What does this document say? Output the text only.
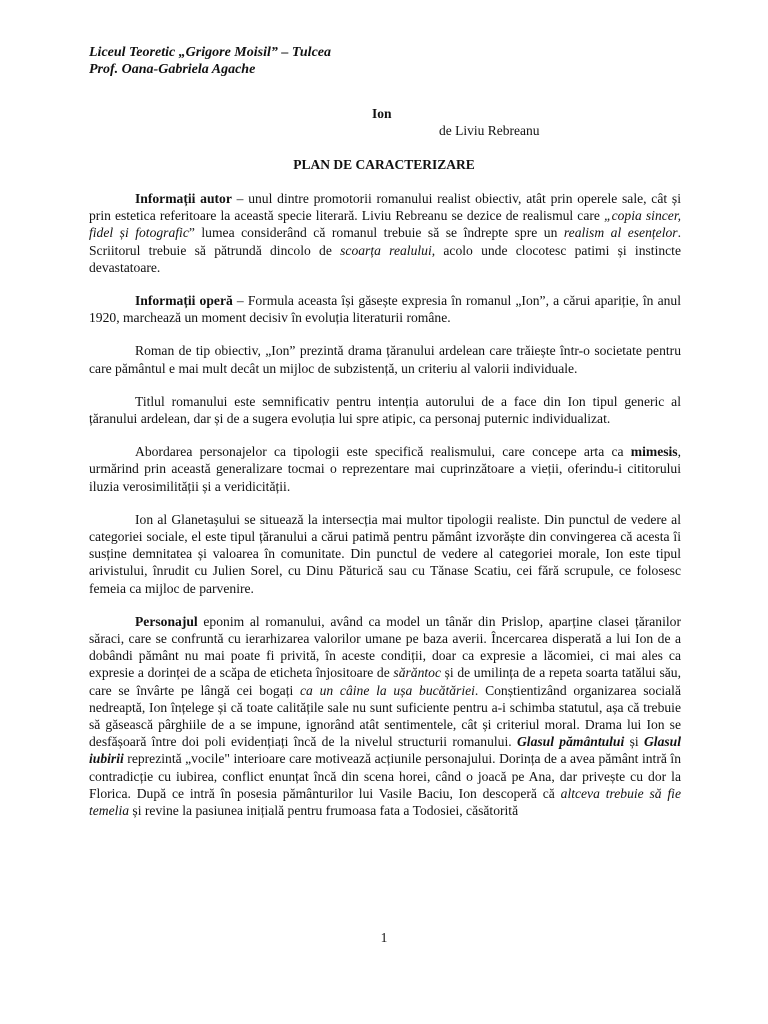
Liceul Teoretic „Grigore Moisil” – Tulcea
Prof. Oana-Gabriela Agache
Ion
de Liviu Rebreanu
PLAN DE CARACTERIZARE

Informații autor – unul dintre promotorii romanului realist obiectiv, atât prin operele sale, cât și prin estetica referitoare la această specie literară. Liviu Rebreanu se dezice de realismul care „copia sincer, fidel și fotografic” lumea considerând că romanul trebuie să se îndrepte spre un realism al esențelor. Scriitorul trebuie să pătrundă dincolo de scoarța realului, acolo unde clocotesc patimi și instincte devastatoare.

Informații operă – Formula aceasta își găsește expresia în romanul „Ion”, a cărui apariție, în anul 1920, marchează un moment decisiv în evoluția literaturii române.

Roman de tip obiectiv, „Ion” prezintă drama țăranului ardelean care trăiește într-o societate pentru care pământul e mai mult decât un mijloc de subzistență, un criteriu al valorii individuale.

Titlul romanului este semnificativ pentru intenția autorului de a face din Ion tipul generic al țăranului ardelean, dar și de a sugera evoluția lui spre atipic, ca personaj puternic individualizat.

Abordarea personajelor ca tipologii este specifică realismului, care concepe arta ca mimesis, urmărind prin această generalizare tocmai o reprezentare mai cuprinzătoare a vieții, oferindu-i cititorului iluzia verosimilității și a veridicității.

Ion al Glanetașului se situează la intersecția mai multor tipologii realiste. Din punctul de vedere al categoriei sociale, el este tipul țăranului a cărui patimă pentru pământ izvorăște din convingerea că acesta îi susține demnitatea și valoarea în comunitate. Din punctul de vedere al categoriei morale, Ion este tipul arivistului, înrudit cu Julien Sorel, cu Dinu Păturică sau cu Tănase Scatiu, cei fără scrupule, ce folosesc femeia ca mijloc de parvenire.

Personajul eponim al romanului, având ca model un tânăr din Prislop, aparține clasei țăranilor săraci, care se confruntă cu ierarhizarea valorilor umane pe baza averii. Încercarea disperată a lui Ion de a dobândi pământ nu mai poate fi privită, în aceste condiții, doar ca expresie a lăcomiei, ci mai ales ca expresie a dorinței de a scăpa de eticheta înjositoare de sărăntoc și de umilința de a repeta soarta tatălui său, care se învârte pe lângă cei bogați ca un câine la ușa bucătăriei. Conștientizând organizarea socială nedreaptă, Ion înțelege și că toate calitățile sale nu sunt suficiente pentru a-i schimba statutul, așa că trebuie să găsească pârghiile de a se impune, ignorând atât sentimentele, cât și criteriul moral. Drama lui Ion se desfășoară între doi poli evidențiați încă de la nivelul structurii romanului. Glasul pământului și Glasul iubirii reprezintă „vocile" interioare care motivează acțiunile personajului. Dorința de a avea pământ intră în contradicție cu iubirea, conflict enunțat încă din scena horei, când o joacă pe Ana, dar privește cu dor la Florica. După ce intră în posesia pământurilor lui Vasile Baciu, Ion descoperă că altceva trebuie să fie temelia și revine la pasiunea inițială pentru frumoasa fata a Todosiei, căsătorită

1
